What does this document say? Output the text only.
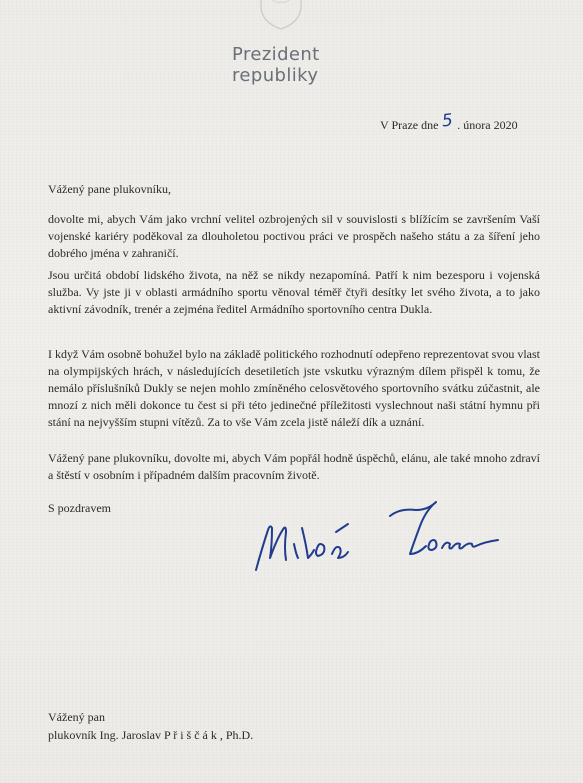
Prezident
republiky
V Praze dne 5 . února 2020
Vážený pane plukovníku,

dovolte mi, abych Vám jako vrchní velitel ozbrojených sil v souvislosti s blížícím se završením Vaší vojenské kariéry poděkoval za dlouholetou poctivou práci ve prospěch našeho státu a za šíření jeho dobrého jména v zahraničí.

Jsou určitá období lidského života, na něž se nikdy nezapomíná. Patří k nim bezesporu i vojenská služba. Vy jste ji v oblasti armádního sportu věnoval téměř čtyři desítky let svého života, a to jako aktivní závodník, trenér a zejména ředitel Armádního sportovního centra Dukla.

I když Vám osobně bohužel bylo na základě politického rozhodnutí odepřeno reprezentovat svou vlast na olympijských hrách, v následujících desetiletích jste vskutku výrazným dílem přispěl k tomu, že nemálo příslušníků Dukly se nejen mohlo zmíněného celosvětového sportovního svátku zúčastnit, ale mnozí z nich měli dokonce tu čest si při této jedinečné příležitosti vyslechnout naši státní hymnu při stání na nejvyšším stupni vítězů. Za to vše Vám zcela jistě náleží dík a uznání.

Vážený pane plukovníku, dovolte mi, abych Vám popřál hodně úspěchů, elánu, ale také mnoho zdraví a štěstí v osobním i případném dalším pracovním životě.

S pozdravem
Vážený pan
plukovník Ing. Jaroslav P ř i š č á k , Ph.D.
